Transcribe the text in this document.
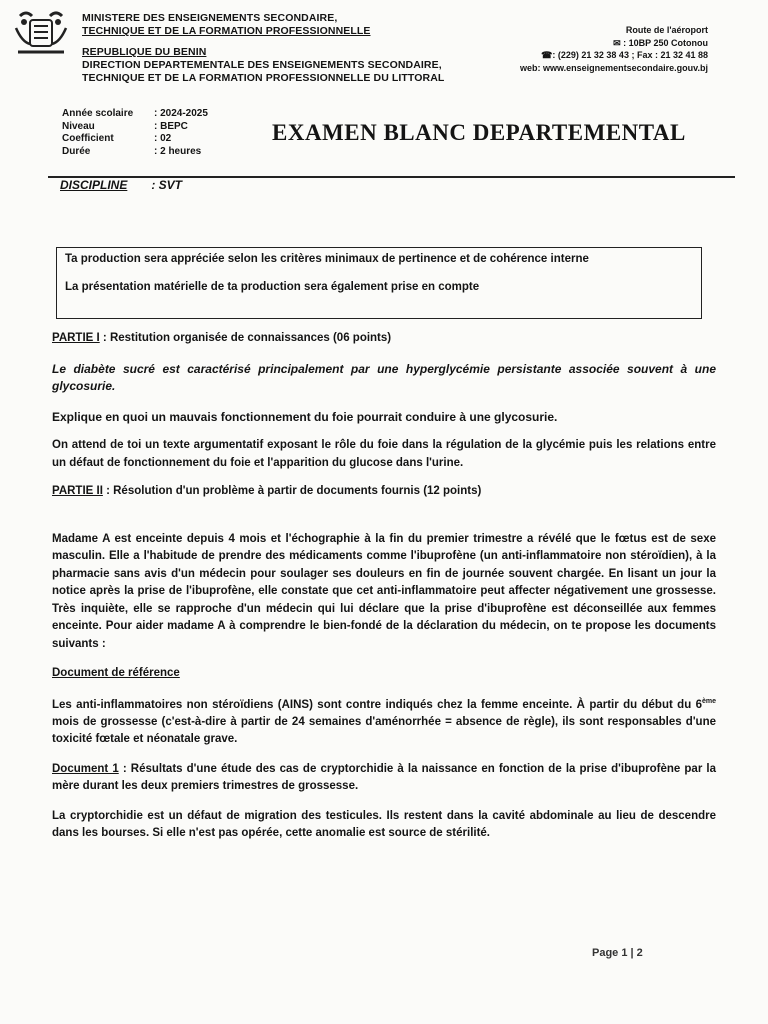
MINISTERE DES ENSEIGNEMENTS SECONDAIRE,
TECHNIQUE ET DE LA FORMATION PROFESSIONNELLE
REPUBLIQUE DU BENIN
DIRECTION DEPARTEMENTALE DES ENSEIGNEMENTS SECONDAIRE,
TECHNIQUE ET DE LA FORMATION PROFESSIONNELLE DU LITTORAL
Route de l'aéroport
✉ : 10BP 250 Cotonou
☎: (229) 21 32 38 43 ; Fax : 21 32 41 88
web: www.enseignementsecondaire.gouv.bj
Année scolaire	: 2024-2025
Niveau	: BEPC
Coefficient	: 02
Durée	: 2 heures
EXAMEN BLANC DEPARTEMENTAL
DISCIPLINE : SVT

Ta production sera appréciée selon les critères minimaux de pertinence et de cohérence interne

La présentation matérielle de ta production sera également prise en compte

PARTIE I : Restitution organisée de connaissances (06 points)

Le diabète sucré est caractérisé principalement par une hyperglycémie persistante associée souvent à une glycosurie.

Explique en quoi un mauvais fonctionnement du foie pourrait conduire à une glycosurie.

On attend de toi un texte argumentatif exposant le rôle du foie dans la régulation de la glycémie puis les relations entre un défaut de fonctionnement du foie et l'apparition du glucose dans l'urine.

PARTIE II : Résolution d'un problème à partir de documents fournis (12 points)

Madame A est enceinte depuis 4 mois et l'échographie à la fin du premier trimestre a révélé que le fœtus est de sexe masculin. Elle a l'habitude de prendre des médicaments comme l'ibuprofène (un anti-inflammatoire non stéroïdien), à la pharmacie sans avis d'un médecin pour soulager ses douleurs en fin de journée souvent chargée. En lisant un jour la notice après la prise de l'ibuprofène, elle constate que cet anti-inflammatoire peut affecter négativement une grossesse. Très inquiète, elle se rapproche d'un médecin qui lui déclare que la prise d'ibuprofène est déconseillée aux femmes enceinte. Pour aider madame A à comprendre le bien-fondé de la déclaration du médecin, on te propose les documents suivants :

Document de référence

Les anti-inflammatoires non stéroïdiens (AINS) sont contre indiqués chez la femme enceinte. À partir du début du 6ème mois de grossesse (c'est-à-dire à partir de 24 semaines d'aménorrhée = absence de règle), ils sont responsables d'une toxicité fœtale et néonatale grave.

Document 1 : Résultats d'une étude des cas de cryptorchidie à la naissance en fonction de la prise d'ibuprofène par la mère durant les deux premiers trimestres de grossesse.

La cryptorchidie est un défaut de migration des testicules. Ils restent dans la cavité abdominale au lieu de descendre dans les bourses. Si elle n'est pas opérée, cette anomalie est source de stérilité.

Page 1 | 2
